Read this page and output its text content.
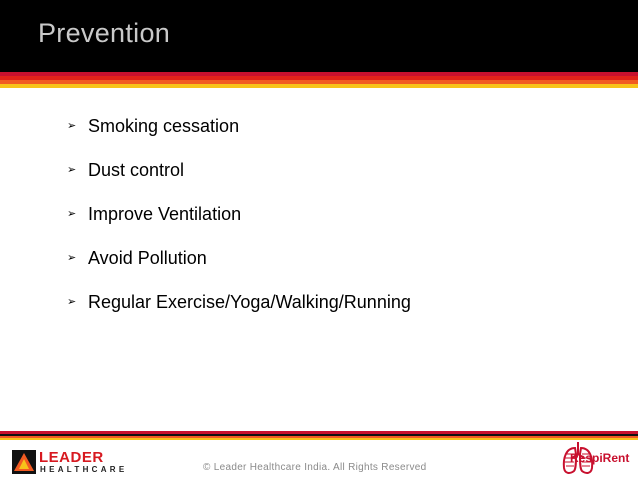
Prevention
➢ Smoking cessation
➢ Dust control
➢ Improve Ventilation
➢ Avoid Pollution
➢ Regular Exercise/Yoga/Walking/Running
LEADER
HEALTHCARE	© Leader Healthcare India. All Rights Reserved
RespiRent
